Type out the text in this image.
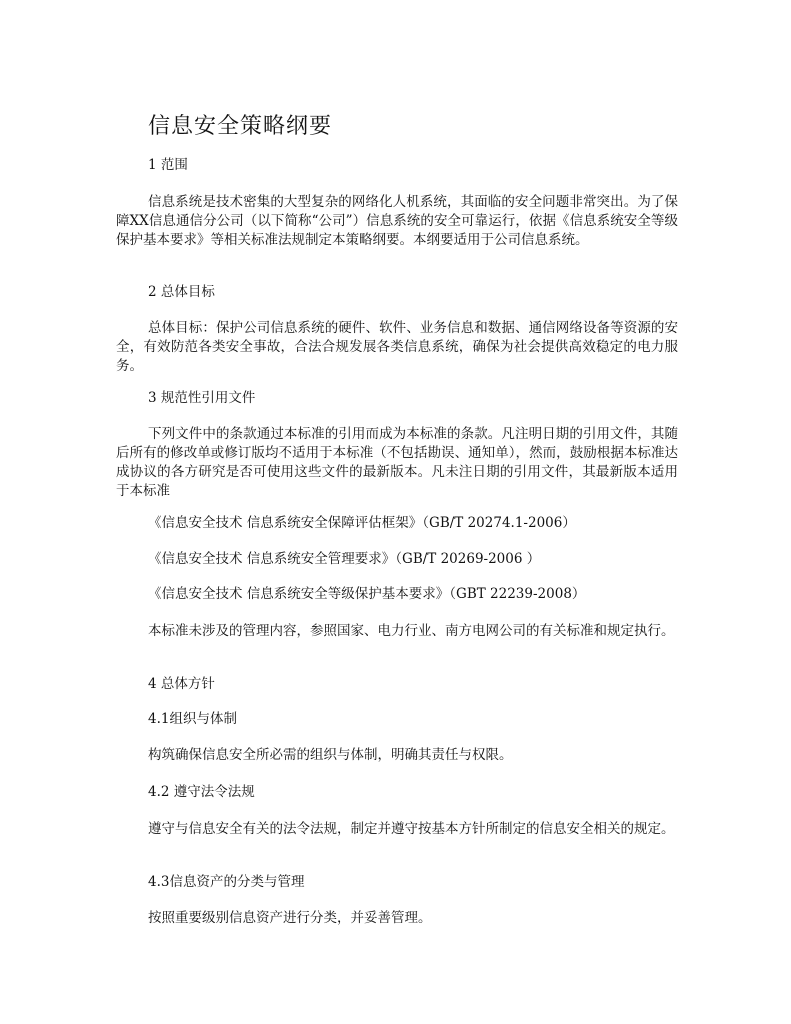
信息安全策略纲要
1 范围
信息系统是技术密集的大型复杂的网络化人机系统，其面临的安全问题非常突出。为了保障XX信息通信分公司（以下简称“公司”）信息系统的安全可靠运行，依据《信息系统安全等级保护基本要求》等相关标准法规制定本策略纲要。本纲要适用于公司信息系统。
2 总体目标
总体目标：保护公司信息系统的硬件、软件、业务信息和数据、通信网络设备等资源的安全，有效防范各类安全事故，合法合规发展各类信息系统，确保为社会提供高效稳定的电力服务。
3 规范性引用文件
下列文件中的条款通过本标准的引用而成为本标准的条款。凡注明日期的引用文件，其随后所有的修改单或修订版均不适用于本标准（不包括勘误、通知单），然而，鼓励根据本标准达成协议的各方研究是否可使用这些文件的最新版本。凡未注日期的引用文件，其最新版本适用于本标准
《信息安全技术 信息系统安全保障评估框架》（GB/T 20274.1-2006）
《信息安全技术 信息系统安全管理要求》（GB/T 20269-2006 ）
《信息安全技术 信息系统安全等级保护基本要求》（GBT 22239-2008）
本标准未涉及的管理内容，参照国家、电力行业、南方电网公司的有关标准和规定执行。
4 总体方针
4.1组织与体制
构筑确保信息安全所必需的组织与体制，明确其责任与权限。
4.2 遵守法令法规
遵守与信息安全有关的法令法规，制定并遵守按基本方针所制定的信息安全相关的规定。
4.3信息资产的分类与管理
按照重要级别信息资产进行分类，并妥善管理。
